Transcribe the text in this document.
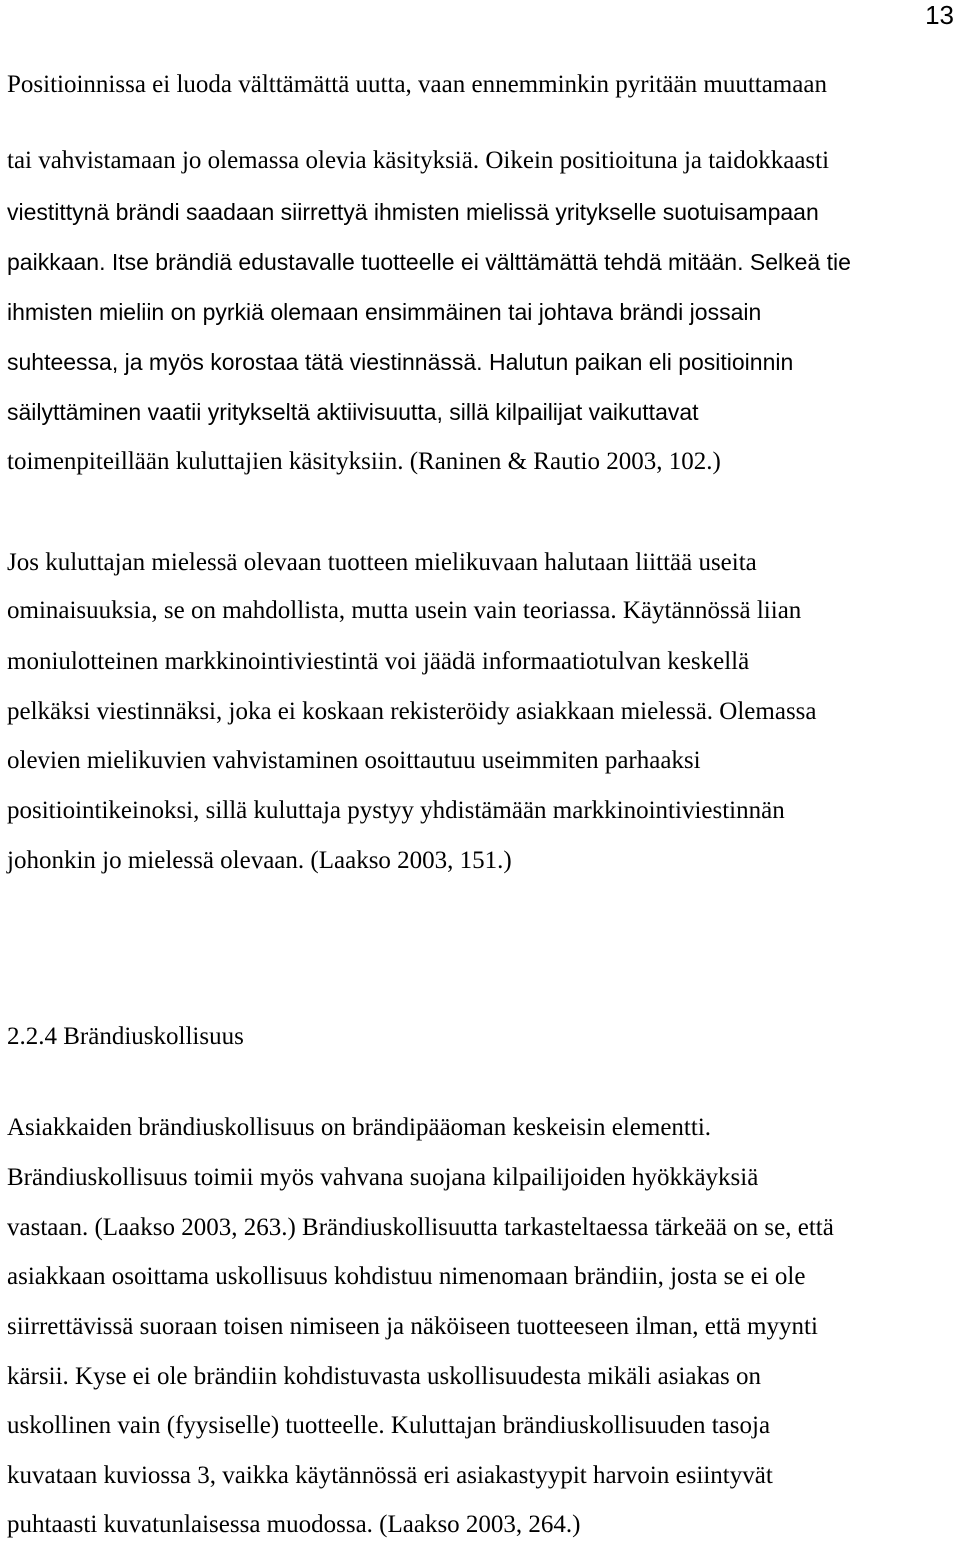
13
Positioinnissa ei luoda välttämättä uutta, vaan ennemminkin pyritään muuttamaan
tai vahvistamaan jo olemassa olevia käsityksiä. Oikein positioituna ja taidokkaasti
viestittynä brändi saadaan siirrettyä ihmisten mielissä yritykselle suotuisampaan
paikkaan. Itse brändiä edustavalle tuotteelle ei välttämättä tehdä mitään. Selkeä tie
ihmisten mieliin on pyrkiä olemaan ensimmäinen tai johtava brändi jossain
suhteessa, ja myös korostaa tätä viestinnässä. Halutun paikan eli positioinnin
säilyttäminen vaatii yritykseltä aktiivisuutta, sillä kilpailijat vaikuttavat
toimenpiteillään kuluttajien käsityksiin. (Raninen & Rautio 2003, 102.)
Jos kuluttajan mielessä olevaan tuotteen mielikuvaan halutaan liittää useita
ominaisuuksia, se on mahdollista, mutta usein vain teoriassa. Käytännössä liian
moniulotteinen markkinointiviestintä voi jäädä informaatiotulvan keskellä
pelkäksi viestinnäksi, joka ei koskaan rekisteröidy asiakkaan mielessä. Olemassa
olevien mielikuvien vahvistaminen osoittautuu useimmiten parhaaksi
positiointikeinoksi, sillä kuluttaja pystyy yhdistämään markkinointiviestinnän
johonkin jo mielessä olevaan. (Laakso 2003, 151.)
2.2.4 Brändiuskollisuus
Asiakkaiden brändiuskollisuus on brändipääoman keskeisin elementti.
Brändiuskollisuus toimii myös vahvana suojana kilpailijoiden hyökkäyksiä
vastaan. (Laakso 2003, 263.) Brändiuskollisuutta tarkasteltaessa tärkeää on se, että
asiakkaan osoittama uskollisuus kohdistuu nimenomaan brändiin, josta se ei ole
siirrettävissä suoraan toisen nimiseen ja näköiseen tuotteeseen ilman, että myynti
kärsii. Kyse ei ole brändiin kohdistuvasta uskollisuudesta mikäli asiakas on
uskollinen vain (fyysiselle) tuotteelle. Kuluttajan brändiuskollisuuden tasoja
kuvataan kuviossa 3, vaikka käytännössä eri asiakastyypit harvoin esiintyvät
puhtaasti kuvatunlaisessa muodossa. (Laakso 2003, 264.)
